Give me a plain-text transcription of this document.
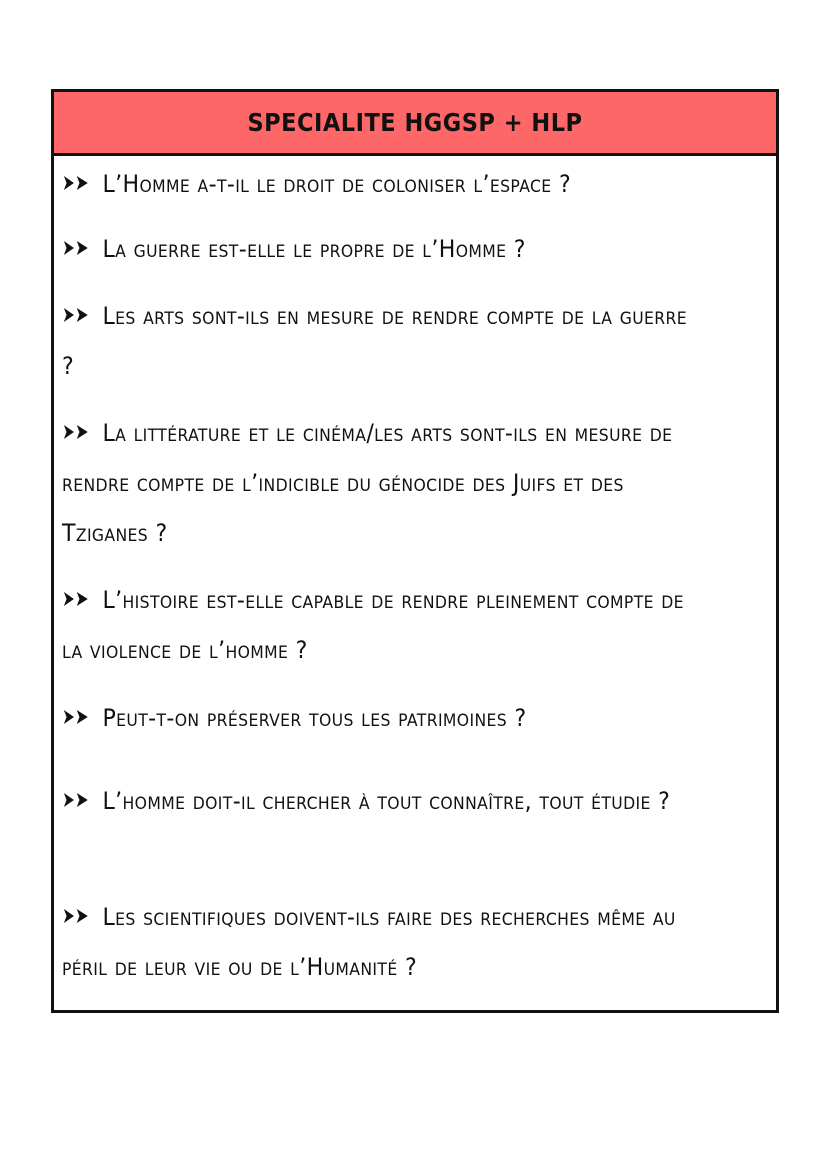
SPECIALITE HGGSP + HLP
L’Homme a-t-il le droit de coloniser l’espace ?
La guerre est-elle le propre de l’Homme ?
Les arts sont-ils en mesure de rendre compte de la guerre ?
La littérature et le cinéma/les arts sont-ils en mesure de rendre compte de l’indicible du génocide des Juifs et des Tziganes ?
L’histoire est-elle capable de rendre pleinement compte de la violence de l’homme ?
Peut-t-on préserver tous les patrimoines ?
L’homme doit-il chercher à tout connaître, tout étudie ?
Les scientifiques doivent-ils faire des recherches même au péril de leur vie ou de l’Humanité ?
